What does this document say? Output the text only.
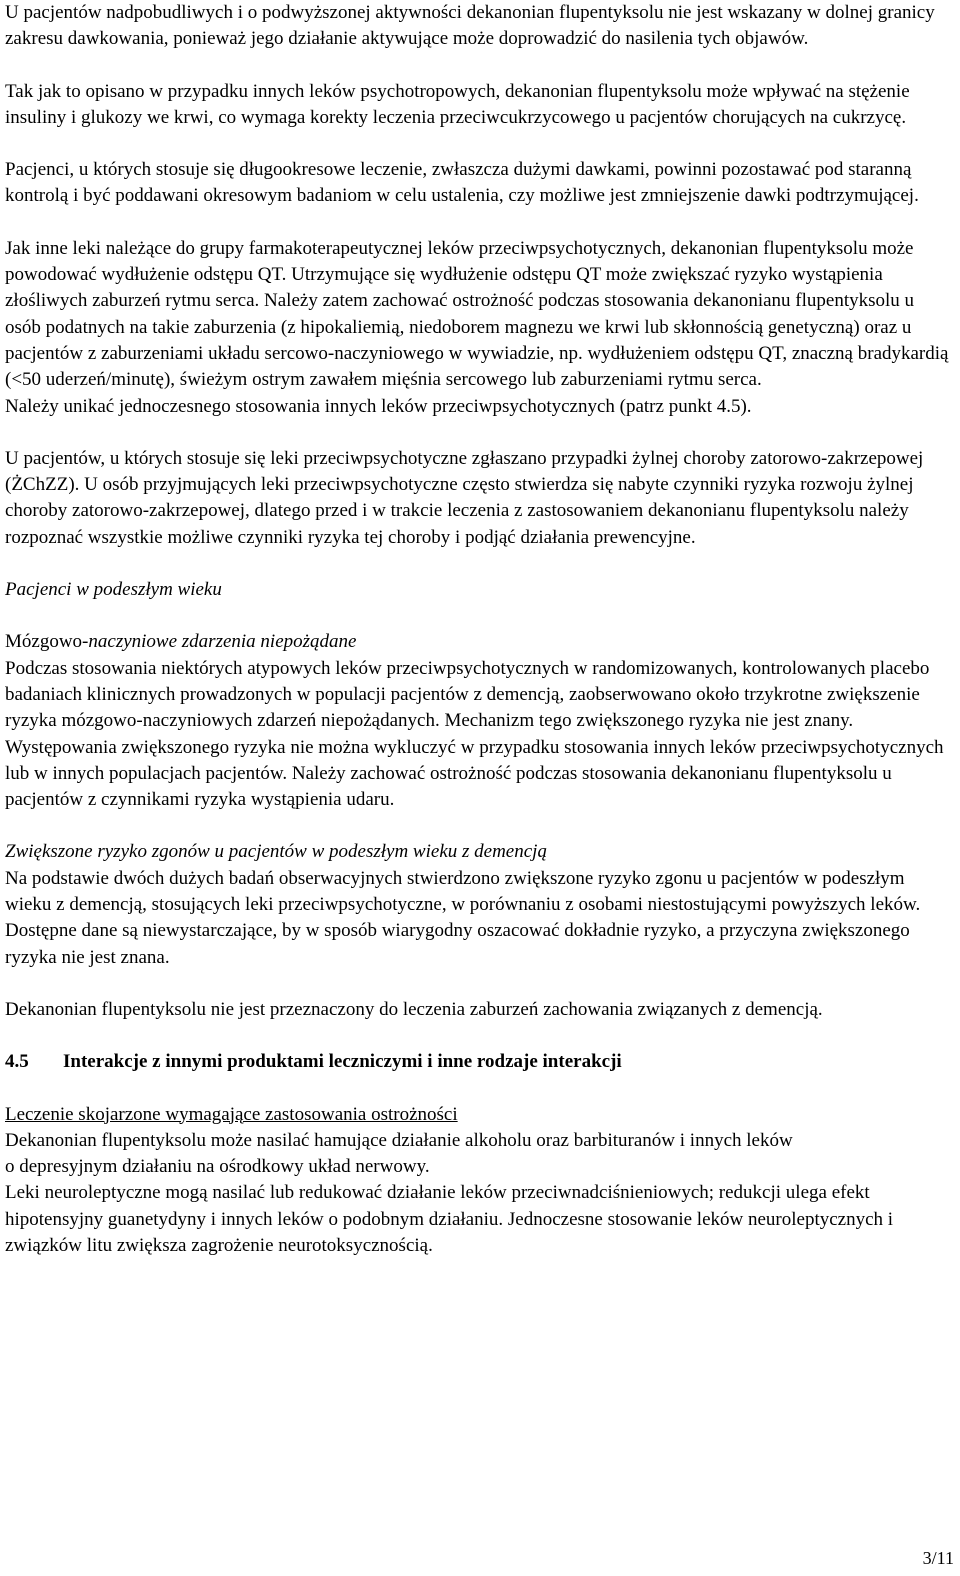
U pacjentów nadpobudliwych i o podwyższonej aktywności dekanonian flupentyksolu nie jest wskazany w dolnej granicy zakresu dawkowania, ponieważ jego działanie aktywujące może doprowadzić do nasilenia tych objawów.

Tak jak to opisano w przypadku innych leków psychotropowych, dekanonian flupentyksolu może wpływać na stężenie insuliny i glukozy we krwi, co wymaga korekty leczenia przeciwcukrzycowego u pacjentów chorujących na cukrzycę.

Pacjenci, u których stosuje się długookresowe leczenie, zwłaszcza dużymi dawkami, powinni pozostawać pod staranną kontrolą i być poddawani okresowym badaniom w celu ustalenia, czy możliwe jest zmniejszenie dawki podtrzymującej.

Jak inne leki należące do grupy farmakoterapeutycznej leków przeciwpsychotycznych, dekanonian flupentyksolu może powodować wydłużenie odstępu QT. Utrzymujące się wydłużenie odstępu QT może zwiększać ryzyko wystąpienia złośliwych zaburzeń rytmu serca. Należy zatem zachować ostrożność podczas stosowania dekanonianu flupentyksolu u osób podatnych na takie zaburzenia (z hipokaliemią, niedoborem magnezu we krwi lub skłonnością genetyczną) oraz u pacjentów z zaburzeniami układu sercowo-naczyniowego w wywiadzie, np. wydłużeniem odstępu QT, znaczną bradykardią (<50 uderzeń/minutę), świeżym ostrym zawałem mięśnia sercowego lub zaburzeniami rytmu serca.

Należy unikać jednoczesnego stosowania innych leków przeciwpsychotycznych (patrz punkt 4.5).

U pacjentów, u których stosuje się leki przeciwpsychotyczne zgłaszano przypadki żylnej choroby zatorowo-zakrzepowej (ŻChZZ). U osób przyjmujących leki przeciwpsychotyczne często stwierdza się nabyte czynniki ryzyka rozwoju żylnej choroby zatorowo-zakrzepowej, dlatego przed i w trakcie leczenia z zastosowaniem dekanonianu flupentyksolu należy rozpoznać wszystkie możliwe czynniki ryzyka tej choroby i podjąć działania prewencyjne.

Pacjenci w podeszłym wieku

Mózgowo-naczyniowe zdarzenia niepożądane

Podczas stosowania niektórych atypowych leków przeciwpsychotycznych w randomizowanych, kontrolowanych placebo badaniach klinicznych prowadzonych w populacji pacjentów z demencją, zaobserwowano około trzykrotne zwiększenie ryzyka mózgowo-naczyniowych zdarzeń niepożądanych. Mechanizm tego zwiększonego ryzyka nie jest znany. Występowania zwiększonego ryzyka nie można wykluczyć w przypadku stosowania innych leków przeciwpsychotycznych lub w innych populacjach pacjentów. Należy zachować ostrożność podczas stosowania dekanonianu flupentyksolu u pacjentów z czynnikami ryzyka wystąpienia udaru.

Zwiększone ryzyko zgonów u pacjentów w podeszłym wieku z demencją

Na podstawie dwóch dużych badań obserwacyjnych stwierdzono zwiększone ryzyko zgonu u pacjentów w podeszłym wieku z demencją, stosujących leki przeciwpsychotyczne, w porównaniu z osobami niestostującymi powyższych leków. Dostępne dane są niewystarczające, by w sposób wiarygodny oszacować dokładnie ryzyko, a przyczyna zwiększonego ryzyka nie jest znana.

Dekanonian flupentyksolu nie jest przeznaczony do leczenia zaburzeń zachowania związanych z demencją.

4.5	Interakcje z innymi produktami leczniczymi i inne rodzaje interakcji

Leczenie skojarzone wymagające zastosowania ostrożności

Dekanonian flupentyksolu może nasilać hamujące działanie alkoholu oraz barbituranów i innych leków

o depresyjnym działaniu na ośrodkowy układ nerwowy.

Leki neuroleptyczne mogą nasilać lub redukować działanie leków przeciwnadciśnieniowych; redukcji ulega efekt hipotensyjny guanetydyny i innych leków o podobnym działaniu. Jednoczesne stosowanie leków neuroleptycznych i związków litu zwiększa zagrożenie neurotoksycznością.

3/11
